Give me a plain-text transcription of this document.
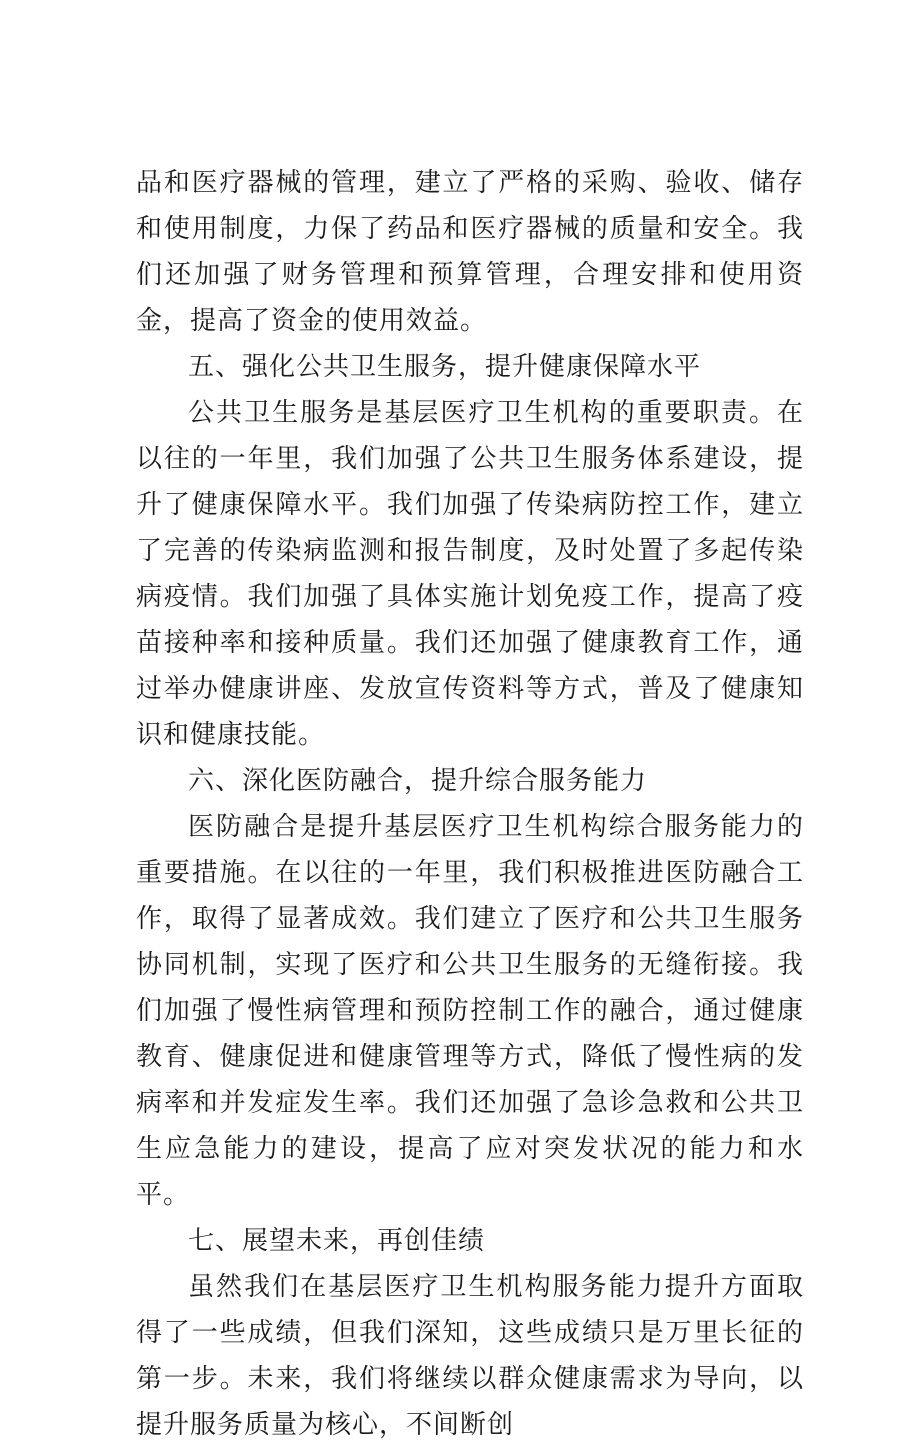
品和医疗器械的管理，建立了严格的采购、验收、储存和使用制度，力保了药品和医疗器械的质量和安全。我们还加强了财务管理和预算管理，合理安排和使用资金，提高了资金的使用效益。

五、强化公共卫生服务，提升健康保障水平

公共卫生服务是基层医疗卫生机构的重要职责。在以往的一年里，我们加强了公共卫生服务体系建设，提升了健康保障水平。我们加强了传染病防控工作，建立了完善的传染病监测和报告制度，及时处置了多起传染病疫情。我们加强了具体实施计划免疫工作，提高了疫苗接种率和接种质量。我们还加强了健康教育工作，通过举办健康讲座、发放宣传资料等方式，普及了健康知识和健康技能。

六、深化医防融合，提升综合服务能力

医防融合是提升基层医疗卫生机构综合服务能力的重要措施。在以往的一年里，我们积极推进医防融合工作，取得了显著成效。我们建立了医疗和公共卫生服务协同机制，实现了医疗和公共卫生服务的无缝衔接。我们加强了慢性病管理和预防控制工作的融合，通过健康教育、健康促进和健康管理等方式，降低了慢性病的发病率和并发症发生率。我们还加强了急诊急救和公共卫生应急能力的建设，提高了应对突发状况的能力和水平。

七、展望未来，再创佳绩

虽然我们在基层医疗卫生机构服务能力提升方面取得了一些成绩，但我们深知，这些成绩只是万里长征的第一步。未来，我们将继续以群众健康需求为导向，以提升服务质量为核心，不间断创
